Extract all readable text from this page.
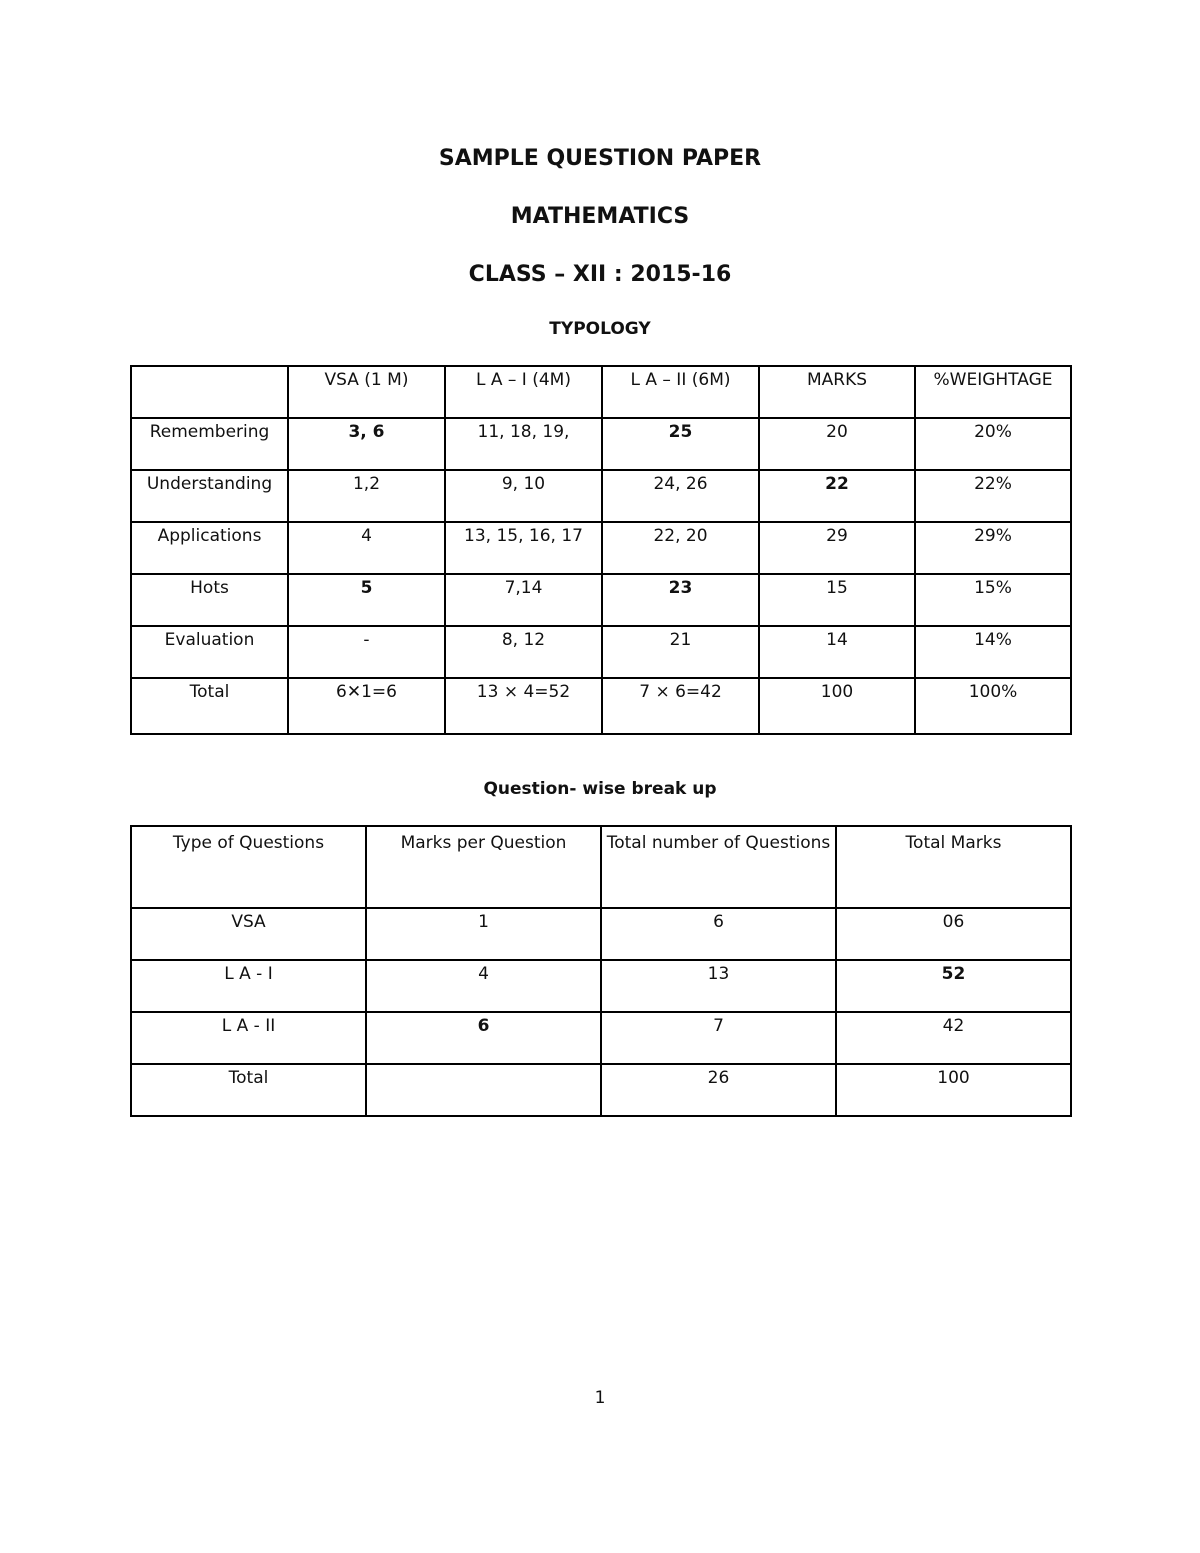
SAMPLE QUESTION PAPER
MATHEMATICS
CLASS – XII : 2015-16
TYPOLOGY
	VSA (1 M)	L A – I (4M)	L A – II (6M)	MARKS	%WEIGHTAGE
Remembering	3, 6	11, 18, 19,	25	20	20%
Understanding	1,2	9, 10	24, 26	22	22%
Applications	4	13, 15, 16, 17	22, 20	29	29%
Hots	5	7,14	23	15	15%
Evaluation	-	8, 12	21	14	14%
Total	6✕1=6	13 × 4=52	7 × 6=42	100	100%
Question- wise break up
Type of Questions	Marks per Question	Total number of Questions	Total Marks
VSA	1	6	06
L A - I	4	13	52
L A - II	6	7	42
Total		26	100

1
